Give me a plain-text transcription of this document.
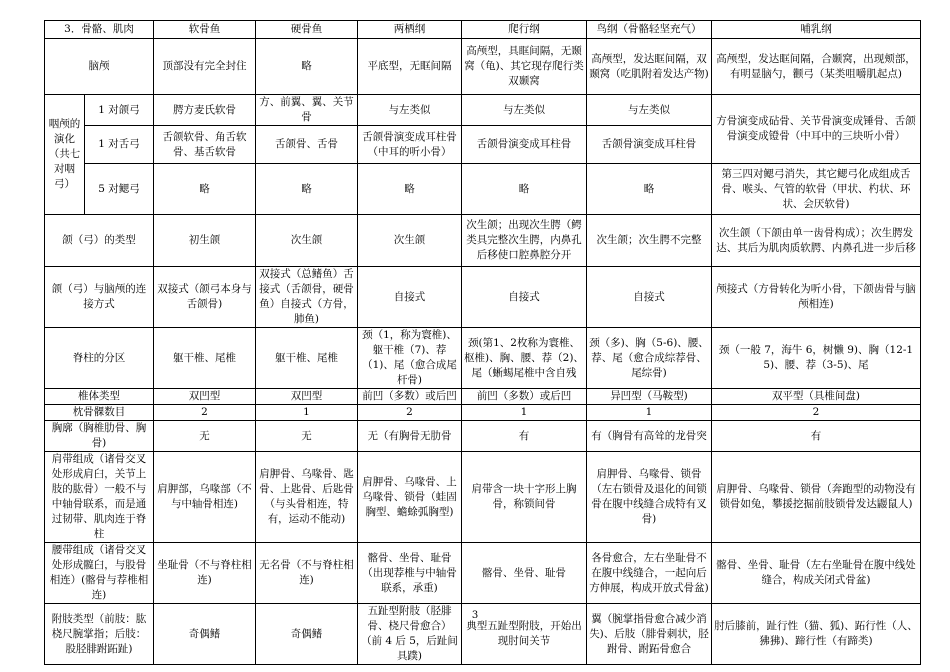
3．骨骼、肌肉		软骨鱼	硬骨鱼	两栖纲	爬行纲	鸟纲（骨骼轻坚充气）	哺乳纲
脑颅		顶部没有完全封住	略	平底型，无眶间隔	高颅型，具眶间隔，无颞窝（龟)、其它现存爬行类双颞窝	高颅型，发达眶间隔，双颞窝（吃肌附着发达产物)	高颅型，发达眶间隔，合颞窝，出现颊部，有明显脑勺，颧弓（某类咀嚼肌起点)
咽颅的演化（共七对咽弓）	1 对颌弓	腭方麦氏软骨	方、前翼、翼、关节骨	与左类似	与左类似	与左类似	方骨演变成砧骨、关节骨演变成锤骨、舌颌骨演变成镫骨（中耳中的三块听小骨）
	1 对舌弓	舌颌软骨、角舌软骨、基舌软骨	舌颌骨、舌骨	舌颌骨演变成耳柱骨（中耳的听小骨）	舌颌骨演变成耳柱骨	舌颌骨演变成耳柱骨	
	5 对鳃弓	略	略	略	略	略	第三四对鳃弓消失，其它鳃弓化成组成舌骨、喉头、气管的软骨（甲状、杓状、环状、会厌软骨)
颌（弓）的类型		初生颌	次生颌	次生颌	次生颌；出现次生腭（鳄类具完整次生腭，内鼻孔后移使口腔鼻腔分开	次生颌；次生腭不完整	次生颌（下颌由单一齿骨构成）；次生腭发达、其后为肌肉质软腭、内鼻孔进一步后移
颌（弓）与脑颅的连接方式		双接式（颌弓本身与舌颌骨)	双接式（总鳍鱼）舌接式（舌颌骨，硬骨鱼）自接式（方骨，肺鱼)	自接式	自接式	自接式	颅接式（方骨转化为听小骨，下颌齿骨与脑颅相连)
脊柱的分区		躯干椎、尾椎	躯干椎、尾椎	颈（1，称为寰椎)、躯干椎（7)、荐（1)、尾（愈合成尾杆骨)	颈(第1、2枚称为寰椎、枢椎)、胸、腰、荐（2)、尾（蜥蜴尾椎中含自残	颈（多)、胸（5-6)、腰、荐、尾（愈合成综荐骨、尾综骨)	颈（一般 7，海牛 6，树懒 9)、胸（12-15)、腰、荐（3-5)、尾
椎体类型		双凹型	双凹型	前凹（多数）或后凹	前凹（多数）或后凹	异凹型（马鞍型)	双平型（具椎间盘)
枕骨髁数目		2	1	2	1	1	2
胸廓（胸椎肋骨、胸骨)		无	无	无（有胸骨无肋骨	有	有（胸骨有高耸的龙骨突	有
肩带组成（诸骨交叉处形成肩臼，关节上肢的肱骨）一般不与中轴骨联系，而是通过韧带、肌肉连于脊柱		肩胛部，乌喙部（不与中轴骨相连)	肩胛骨、乌喙骨、匙骨、上匙骨、后匙骨（与头骨相连，特有，运动不能动)	肩胛骨、乌喙骨、上乌喙骨、锁骨（蛙固胸型、蟾蜍弧胸型)	肩带含一块十字形上胸骨，称锁间骨	肩胛骨、乌喙骨、锁骨（左右锁骨及退化的间锁骨在腹中线缝合成特有叉骨)	肩胛骨、乌喙骨、锁骨（奔跑型的动物没有锁骨如兔，攀援挖掘前肢锁骨发达鼹鼠人)
腰带组成（诸骨交叉处形成髋臼，与股骨相连）(髂骨与荐椎相连)		坐耻骨（不与脊柱相连)	无名骨（不与脊柱相连)	髂骨、坐骨、耻骨（出现荐椎与中轴骨联系，承重)	髂骨、坐骨、耻骨	各骨愈合，左右坐耻骨不在腹中线缝合，一起向后方伸展，构成开放式骨盆)	髂骨、坐骨、耻骨（左右坐耻骨在腹中线处缝合，构成关闭式骨盆)
附肢类型（前肢：肱桡尺腕掌指；后肢：股胫腓跗跖趾)		奇偶鳍	奇偶鳍	五趾型附肢（胫腓骨、桡尺骨愈合）（前 4 后 5，后趾间具蹼)	典型五趾型附肢，开始出现肘间关节	翼（腕掌指骨愈合减少消失)、后肢（腓骨刺状，胫跗骨、跗跖骨愈合	肘后膝前，趾行性（猫、狐)、跖行性（人、狒狒)、蹄行性（有蹄类)
3
